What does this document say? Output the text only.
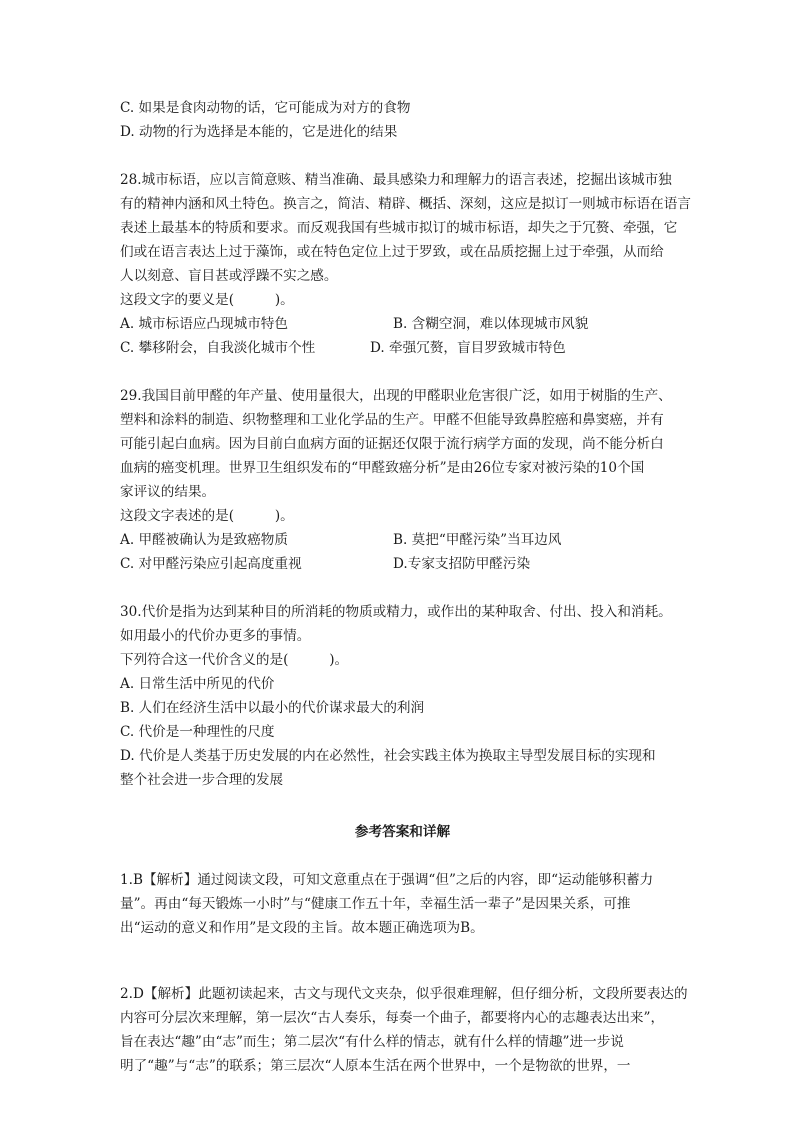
C. 如果是食肉动物的话，它可能成为对方的食物
D. 动物的行为选择是本能的，它是进化的结果
28.城市标语，应以言简意赅、精当准确、最具感染力和理解力的语言表述，挖掘出该城市独
有的精神内涵和风土特色。换言之，简洁、精辟、概括、深刻，这应是拟订一则城市标语在语言
表述上最基本的特质和要求。而反观我国有些城市拟订的城市标语，却失之于冗赘、牵强，它
们或在语言表达上过于藻饰，或在特色定位上过于罗致，或在品质挖掘上过于牵强，从而给
人以刻意、盲目甚或浮躁不实之感。
这段文字的要义是(　　　)。
A. 城市标语应凸现城市特色	B. 含糊空洞，难以体现城市风貌
C. 攀移附会，自我淡化城市个性	D. 牵强冗赘，盲目罗致城市特色
29.我国目前甲醛的年产量、使用量很大，出现的甲醛职业危害很广泛，如用于树脂的生产、
塑料和涂料的制造、织物整理和工业化学品的生产。甲醛不但能导致鼻腔癌和鼻窦癌，并有
可能引起白血病。因为目前白血病方面的证据还仅限于流行病学方面的发现，尚不能分析白
血病的癌变机理。世界卫生组织发布的“甲醛致癌分析”是由26位专家对被污染的10个国
家评议的结果。
这段文字表述的是(　　　)。
A. 甲醛被确认为是致癌物质	B. 莫把“甲醛污染”当耳边风
C. 对甲醛污染应引起高度重视	D.专家支招防甲醛污染
30.代价是指为达到某种目的所消耗的物质或精力，或作出的某种取舍、付出、投入和消耗。
如用最小的代价办更多的事情。
下列符合这一代价含义的是(　　　)。
A. 日常生活中所见的代价
B. 人们在经济生活中以最小的代价谋求最大的利润
C. 代价是一种理性的尺度
D. 代价是人类基于历史发展的内在必然性，社会实践主体为换取主导型发展目标的实现和
整个社会进一步合理的发展
参考答案和详解
1.B【解析】通过阅读文段，可知文意重点在于强调“但”之后的内容，即“运动能够积蓄力
量”。再由“每天锻炼一小时”与“健康工作五十年，幸福生活一辈子”是因果关系，可推
出“运动的意义和作用”是文段的主旨。故本题正确选项为B。
2.D【解析】此题初读起来，古文与现代文夹杂，似乎很难理解，但仔细分析，文段所要表达的
内容可分层次来理解，第一层次“古人奏乐，每奏一个曲子，都要将内心的志趣表达出来”，
旨在表达“趣”由“志”而生；第二层次“有什么样的情志，就有什么样的情趣”进一步说
明了“趣”与“志”的联系；第三层次“人原本生活在两个世界中，一个是物欲的世界，一
